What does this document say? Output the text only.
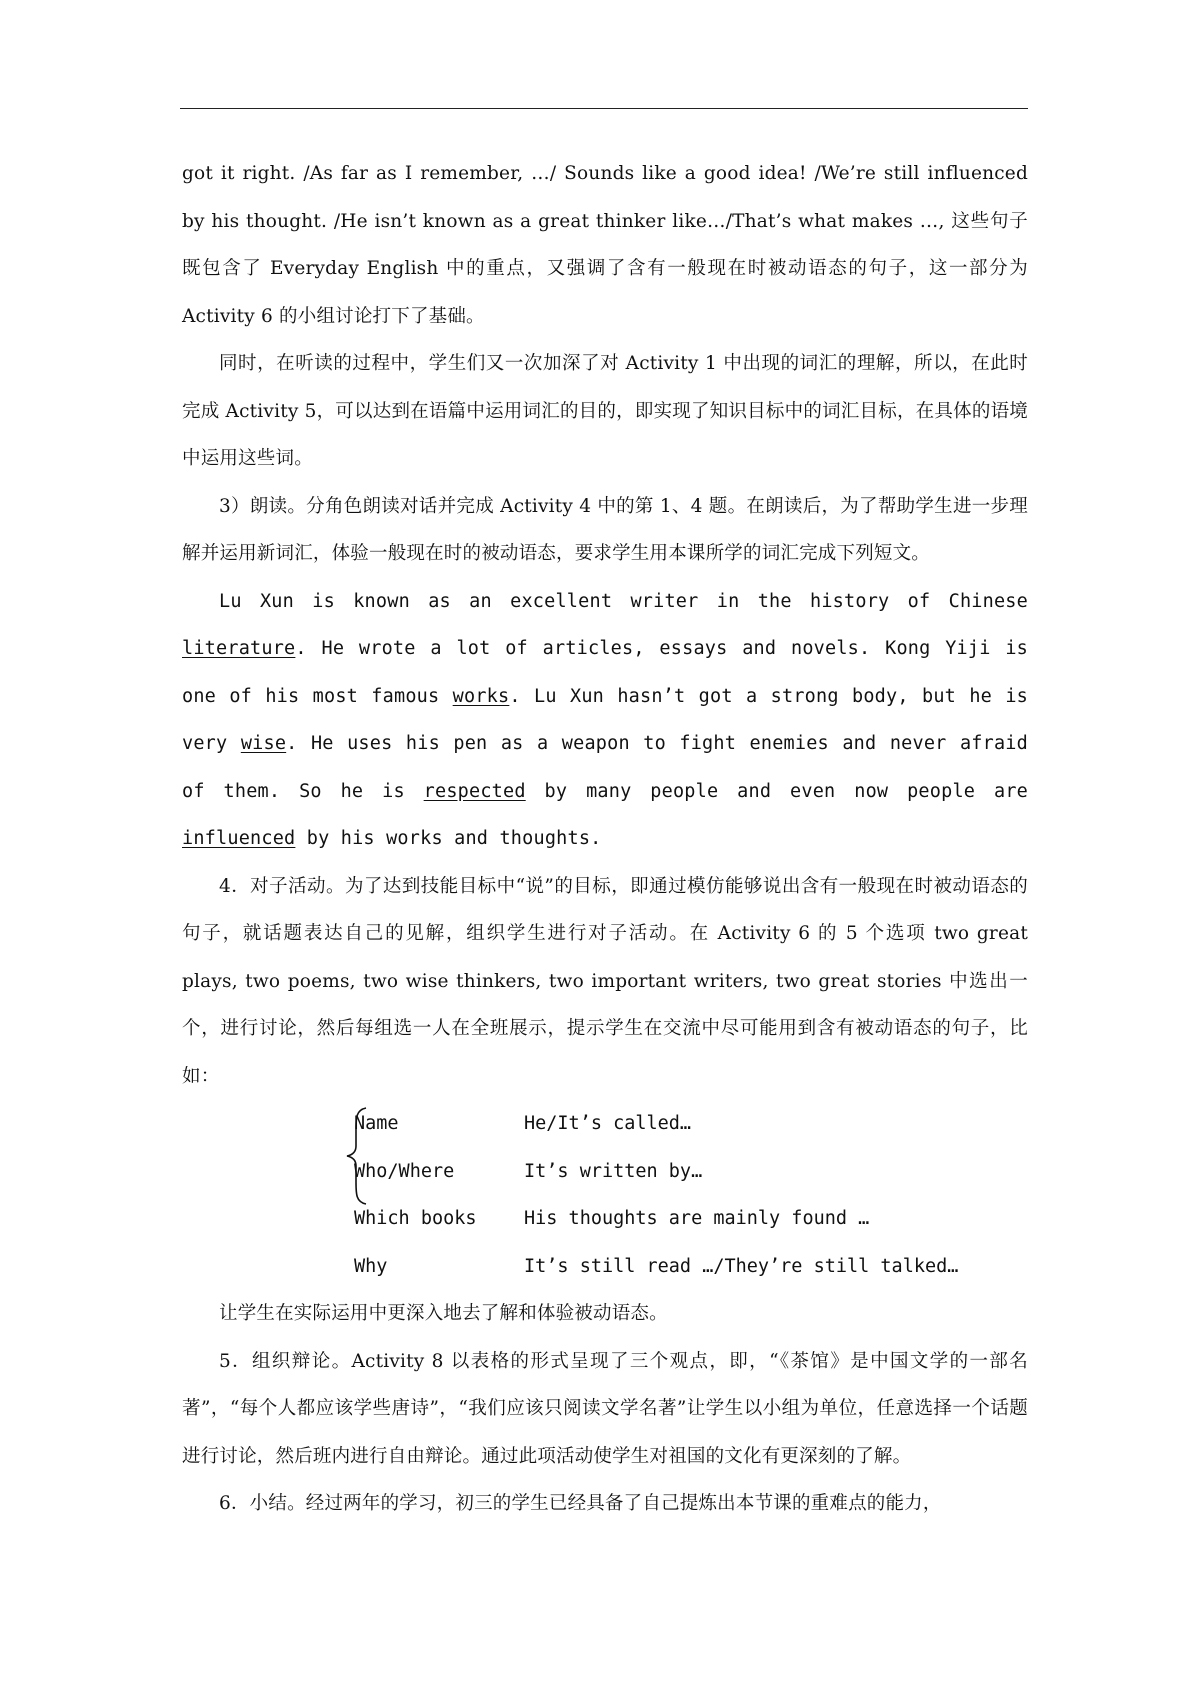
got it right. /As far as I remember, …/ Sounds like a good idea! /We’re still influenced by his thought. /He isn’t known as a great thinker like…/That’s what makes …, 这些句子既包含了 Everyday English 中的重点，又强调了含有一般现在时被动语态的句子，这一部分为 Activity 6 的小组讨论打下了基础。

同时，在听读的过程中，学生们又一次加深了对 Activity 1 中出现的词汇的理解，所以，在此时完成 Activity 5，可以达到在语篇中运用词汇的目的，即实现了知识目标中的词汇目标，在具体的语境中运用这些词。

3）朗读。分角色朗读对话并完成 Activity 4 中的第 1、4 题。在朗读后，为了帮助学生进一步理解并运用新词汇，体验一般现在时的被动语态，要求学生用本课所学的词汇完成下列短文。

Lu Xun is known as an excellent writer in the history of Chinese literature. He wrote a lot of articles, essays and novels. Kong Yiji is one of his most famous works. Lu Xun hasn’t got a strong body, but he is very wise. He uses his pen as a weapon to fight enemies and never afraid of them. So he is respected by many people and even now people are influenced by his works and thoughts.

4．对子活动。为了达到技能目标中“说”的目标，即通过模仿能够说出含有一般现在时被动语态的句子，就话题表达自己的见解，组织学生进行对子活动。在 Activity 6 的 5 个选项 two great plays, two poems, two wise thinkers, two important writers, two great stories 中选出一个，进行讨论，然后每组选一人在全班展示，提示学生在交流中尽可能用到含有被动语态的句子，比如：

Name	He/It’s called…
Who/Where	It’s written by…
Which books	His thoughts are mainly found …
Why	It’s still read …/They’re still talked…

让学生在实际运用中更深入地去了解和体验被动语态。

5．组织辩论。Activity 8 以表格的形式呈现了三个观点，即，“《茶馆》是中国文学的一部名著”，“每个人都应该学些唐诗”，“我们应该只阅读文学名著”让学生以小组为单位，任意选择一个话题进行讨论，然后班内进行自由辩论。通过此项活动使学生对祖国的文化有更深刻的了解。

6．小结。经过两年的学习，初三的学生已经具备了自己提炼出本节课的重难点的能力，
